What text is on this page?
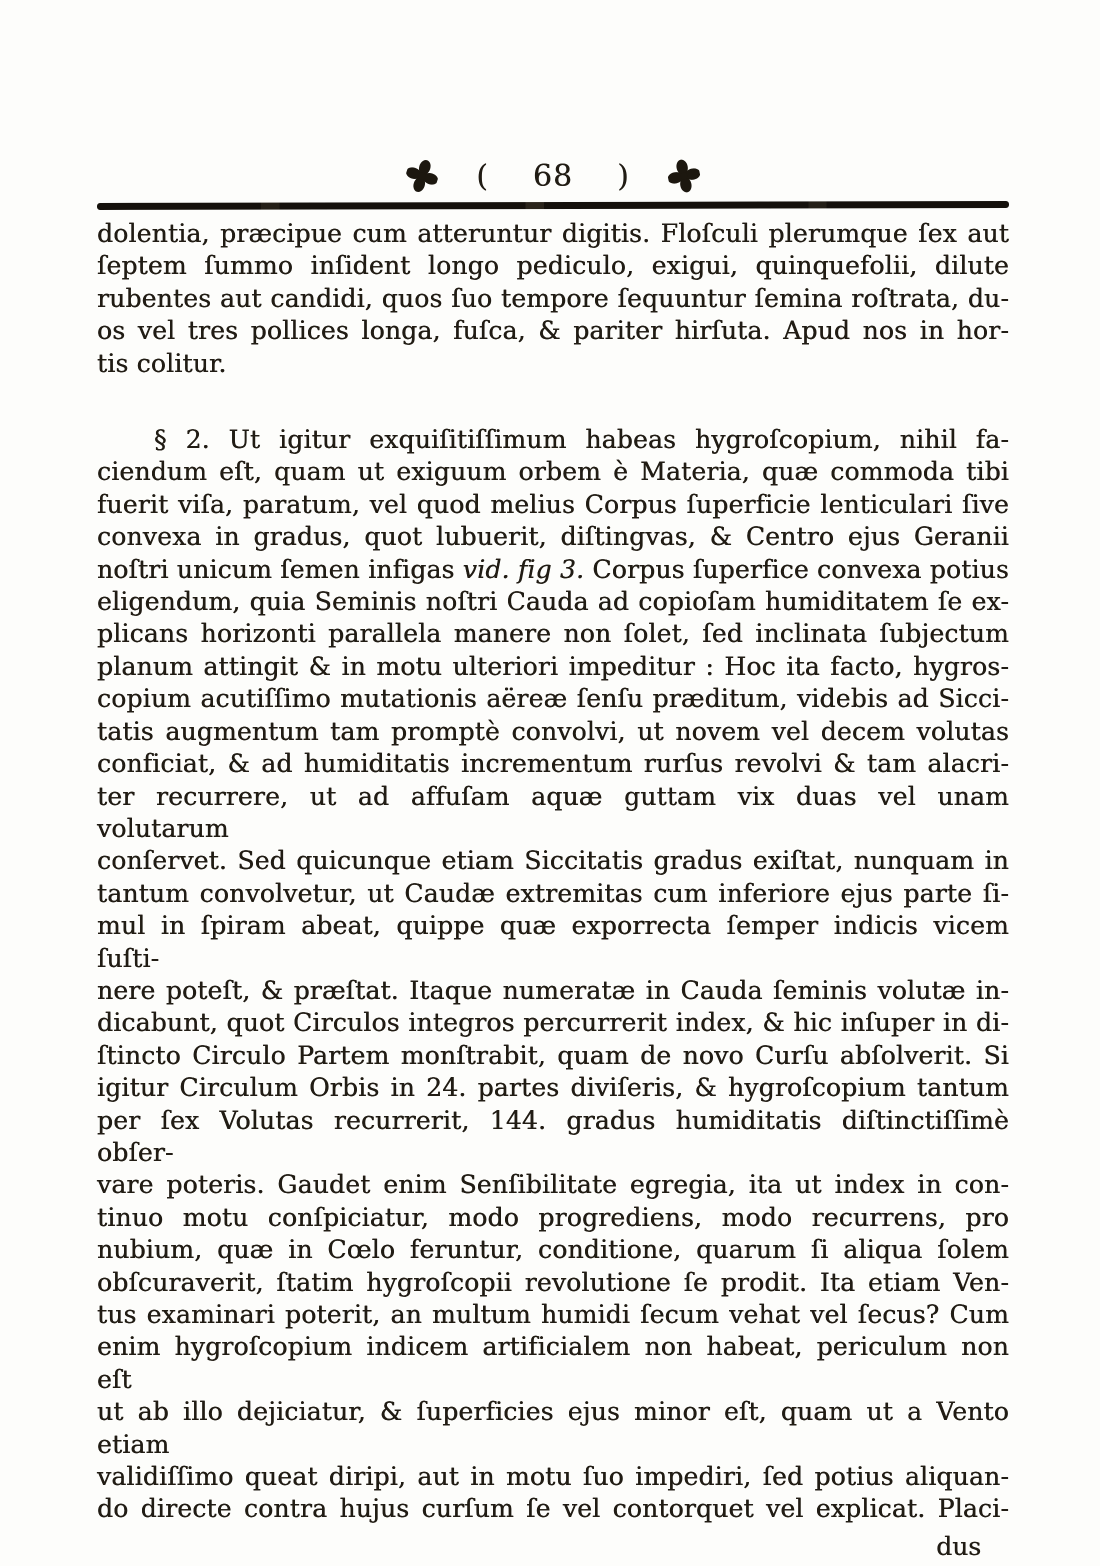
( 68 )
dolentia, præcipue cum atteruntur digitis. Floſculi plerumque ſex aut
ſeptem ſummo inſident longo pediculo, exigui, quinquefolii, dilute
rubentes aut candidi, quos ſuo tempore ſequuntur ſemina roſtrata, du-
os vel tres pollices longa, fuſca, & pariter hirſuta. Apud nos in hor-
tis colitur.
§ 2. Ut igitur exquiſitiſſimum habeas hygroſcopium, nihil fa-
ciendum eſt, quam ut exiguum orbem è Materia, quæ commoda tibi
fuerit viſa, paratum, vel quod melius Corpus ſuperficie lenticulari ſive
convexa in gradus, quot lubuerit, diſtingvas, & Centro ejus Geranii
noſtri unicum ſemen infigas vid. fig 3. Corpus ſuperfice convexa potius
eligendum, quia Seminis noſtri Cauda ad copioſam humiditatem ſe ex-
plicans horizonti parallela manere non ſolet, ſed inclinata ſubjectum
planum attingit & in motu ulteriori impeditur : Hoc ita facto, hygros-
copium acutiſſimo mutationis aëreæ ſenſu præditum, videbis ad Sicci-
tatis augmentum tam promptè convolvi, ut novem vel decem volutas
conficiat, & ad humiditatis incrementum rurſus revolvi & tam alacri-
ter recurrere, ut ad affuſam aquæ guttam vix duas vel unam volutarum
conſervet. Sed quicunque etiam Siccitatis gradus exiſtat, nunquam in
tantum convolvetur, ut Caudæ extremitas cum inferiore ejus parte ſi-
mul in ſpiram abeat, quippe quæ exporrecta ſemper indicis vicem ſuſti-
nere poteſt, & præſtat. Itaque numeratæ in Cauda ſeminis volutæ in-
dicabunt, quot Circulos integros percurrerit index, & hic inſuper in di-
ſtincto Circulo Partem monſtrabit, quam de novo Curſu abſolverit. Si
igitur Circulum Orbis in 24. partes diviſeris, & hygroſcopium tantum
per ſex Volutas recurrerit, 144. gradus humiditatis diſtinctiſſimè obſer-
vare poteris. Gaudet enim Senſibilitate egregia, ita ut index in con-
tinuo motu conſpiciatur, modo progrediens, modo recurrens, pro
nubium, quæ in Cœlo feruntur, conditione, quarum ſi aliqua ſolem
obſcuraverit, ſtatim hygroſcopii revolutione ſe prodit. Ita etiam Ven-
tus examinari poterit, an multum humidi ſecum vehat vel ſecus? Cum
enim hygroſcopium indicem artificialem non habeat, periculum non eſt
ut ab illo dejiciatur, & ſuperficies ejus minor eſt, quam ut a Vento etiam
validiſſimo queat diripi, aut in motu ſuo impediri, ſed potius aliquan-
do directe contra hujus curſum ſe vel contorquet vel explicat. Placi-
dus
